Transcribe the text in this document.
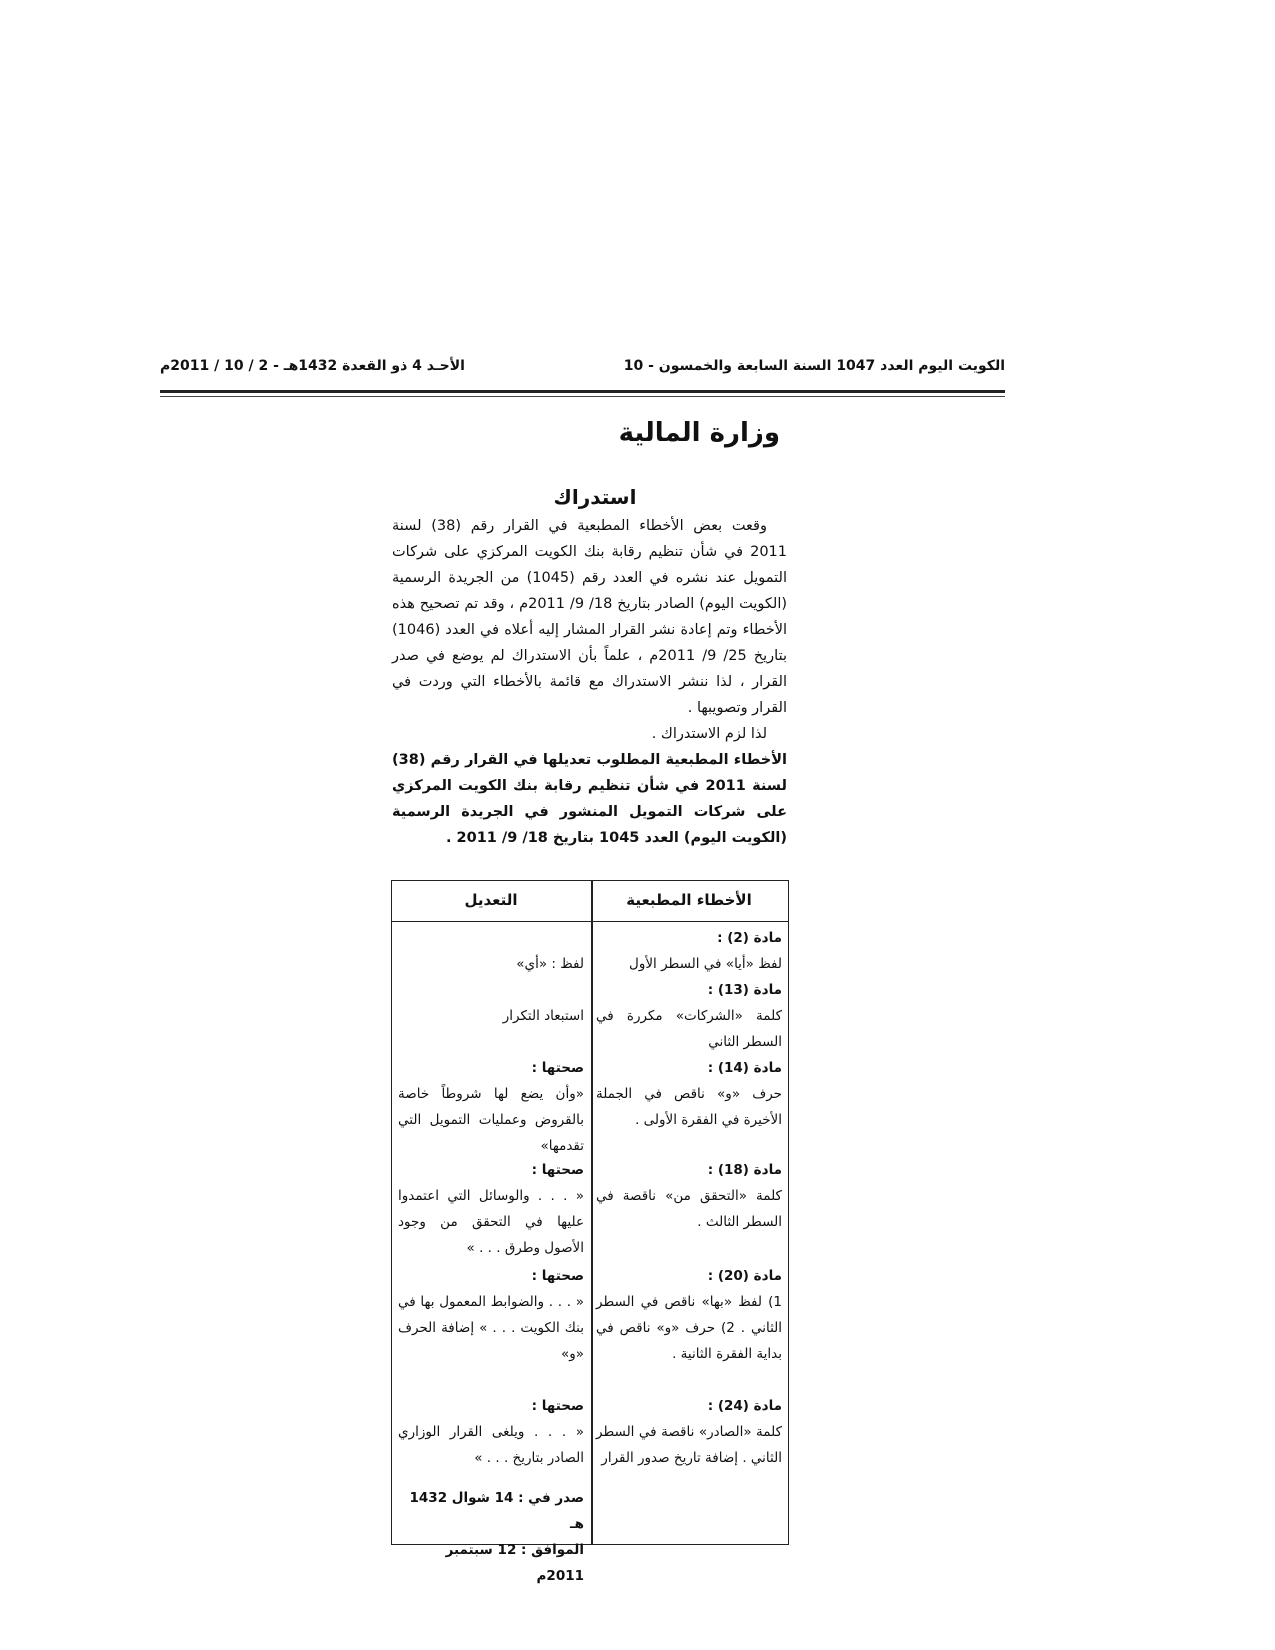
الكويت اليوم العدد 1047 السنة السابعة والخمسون - 10
الأحـد 4 ذو القعدة 1432هـ - 2 / 10 / 2011م
وزارة المالية
استدراك

وقعت بعض الأخطاء المطبعية في القرار رقم (38) لسنة 2011 في شأن تنظيم رقابة بنك الكويت المركزي على شركات التمويل عند نشره في العدد رقم (1045) من الجريدة الرسمية (الكويت اليوم) الصادر بتاريخ 18/ 9/ 2011م ، وقد تم تصحيح هذه الأخطاء وتم إعادة نشر القرار المشار إليه أعلاه في العدد (1046) بتاريخ 25/ 9/ 2011م ، علماً بأن الاستدراك لم يوضع في صدر القرار ، لذا ننشر الاستدراك مع قائمة بالأخطاء التي وردت في القرار وتصويبها .

لذا لزم الاستدراك .

الأخطاء المطبعية المطلوب تعديلها في القرار رقم (38) لسنة 2011 في شأن تنظيم رقابة بنك الكويت المركزي على شركات التمويل المنشور في الجريدة الرسمية (الكويت اليوم) العدد 1045 بتاريخ 18/ 9/ 2011 .

الأخطاء المطبعية
التعديل
مادة (2) :
لفظ «أيا» في السطر الأول
مادة (13) :
كلمة «الشركات» مكررة في السطر الثاني
مادة (14) :
حرف «و» ناقص في الجملة الأخيرة في الفقرة الأولى .
مادة (18) :
كلمة «التحقق من» ناقصة في السطر الثالث .
مادة (20) :
1) لفظ «بها» ناقص في السطر الثاني . 2) حرف «و» ناقص في بداية الفقرة الثانية .
مادة (24) :
كلمة «الصادر» ناقصة في السطر الثاني . إضافة تاريخ صدور القرار
لفظ : «أي»
استبعاد التكرار
صحتها :
«وأن يضع لها شروطاً خاصة بالقروض وعمليات التمويل التي تقدمها»
صحتها :
« . . . والوسائل التي اعتمدوا عليها في التحقق من وجود الأصول وطرق . . . »
صحتها :
« . . . والضوابط المعمول بها في بنك الكويت . . . » إضافة الحرف «و»
صحتها :
« . . . ويلغى القرار الوزاري الصادر بتاريخ . . . »
صدر في : 14 شوال 1432 هـ
الموافق : 12 سبتمبر 2011م
